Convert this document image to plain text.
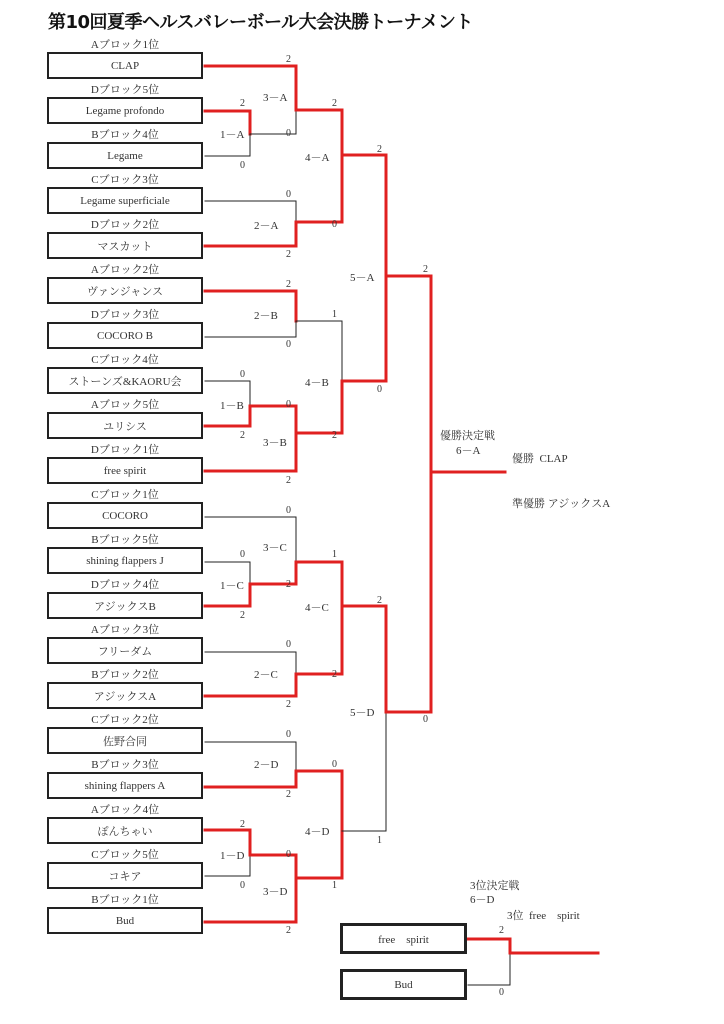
第10回夏季ヘルスバレーボール大会決勝トーナメント
Aブロック1位
CLAP
Dブロック5位
Legame profondo
Bブロック4位
Legame
Cブロック3位
Legame superficiale
Dブロック2位
マスカット
Aブロック2位
ヴァンジャンス
Dブロック3位
COCORO B
Cブロック4位
ストーンズ&KAORU会
Aブロック5位
ユリシス
Dブロック1位
free spirit
Cブロック1位
COCORO
Bブロック5位
shining flappers J
Dブロック4位
アジックスB
Aブロック3位
フリーダム
Bブロック2位
アジックスA
Cブロック2位
佐野合同
Bブロック3位
shining flappers A
Aブロック4位
ぽんちゃい
Cブロック5位
コキア
Bブロック1位
Bud
3－A
1－A
4－A
2－A
5－A
2－B
4－B
1－B
3－B
3－C
1－C
4－C
2－C
5－D
2－D
4－D
1－D
3－D
2
2	2
0
2
0
0
0
2
2
2
1
0
0
0
0
2	2
2
0
0	1
2
2
2
0
2
2
0
0
0
2
2
1
0
0	1
2
優勝決定戦
6－A
優勝 CLAP
準優勝 アジックスA
3位決定戦
6－D
3位 free　spirit
free　spirit
Bud
2
0
